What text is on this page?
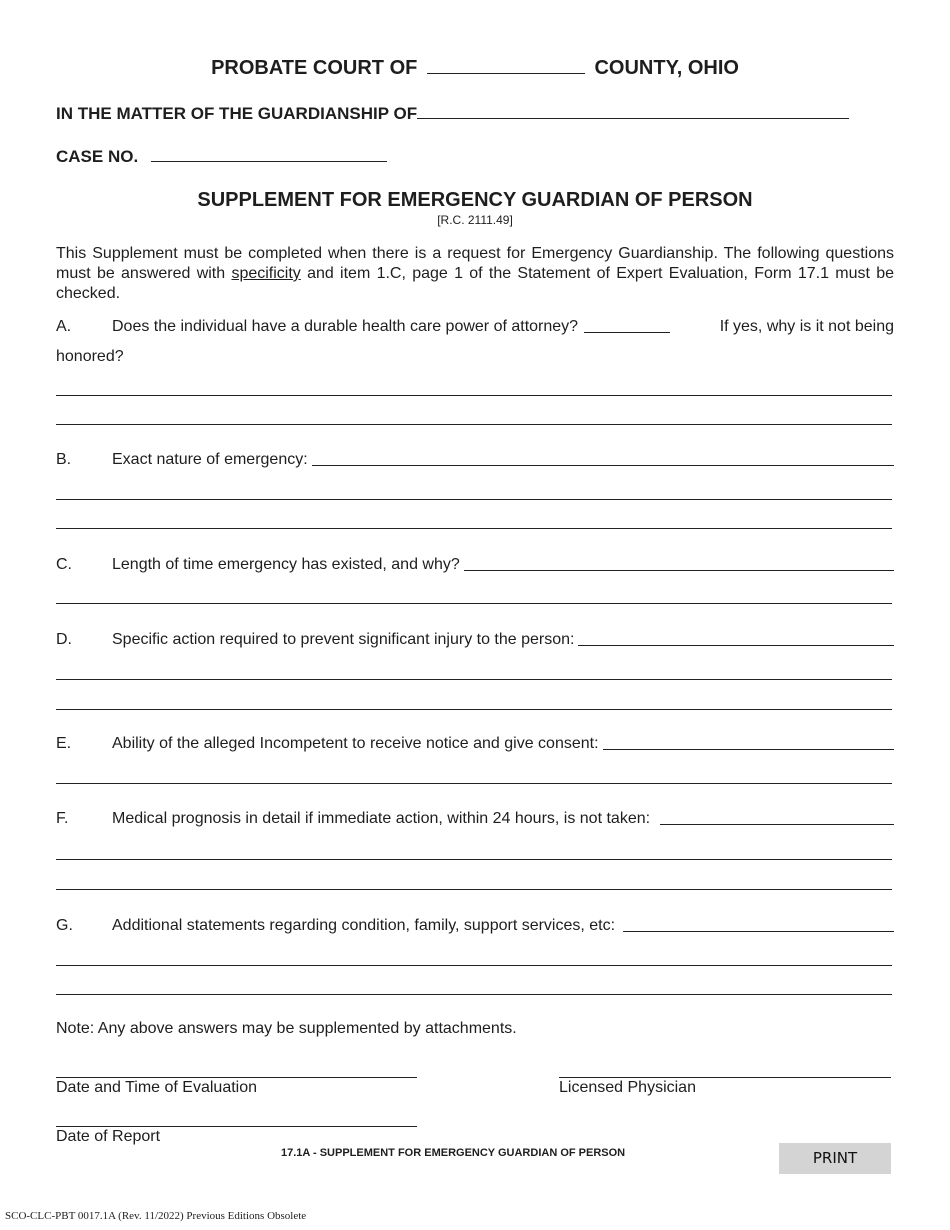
PROBATE COURT OF	COUNTY, OHIO
IN THE MATTER OF THE GUARDIANSHIP OF
CASE NO.
SUPPLEMENT FOR EMERGENCY GUARDIAN OF PERSON
[R.C. 2111.49]
This Supplement must be completed when there is a request for Emergency Guardianship. The following questions must be answered with specificity and item 1.C, page 1 of the Statement of Expert Evaluation, Form 17.1 must be checked.
A.	Does the individual have a durable health care power of attorney?	If yes, why is it not being
honored?
B.	Exact nature of emergency:
C.	Length of time emergency has existed, and why?
D.	Specific action required to prevent significant injury to the person:
E.	Ability of the alleged Incompetent to receive notice and give consent:
F.	Medical prognosis in detail if immediate action, within 24 hours, is not taken:
G.	Additional statements regarding condition, family, support services, etc:
Note: Any above answers may be supplemented by attachments.
Date and Time of Evaluation	Licensed Physician
Date of Report
17.1A - SUPPLEMENT FOR EMERGENCY GUARDIAN OF PERSON	PRINT
SCO-CLC-PBT 0017.1A (Rev. 11/2022) Previous Editions Obsolete
